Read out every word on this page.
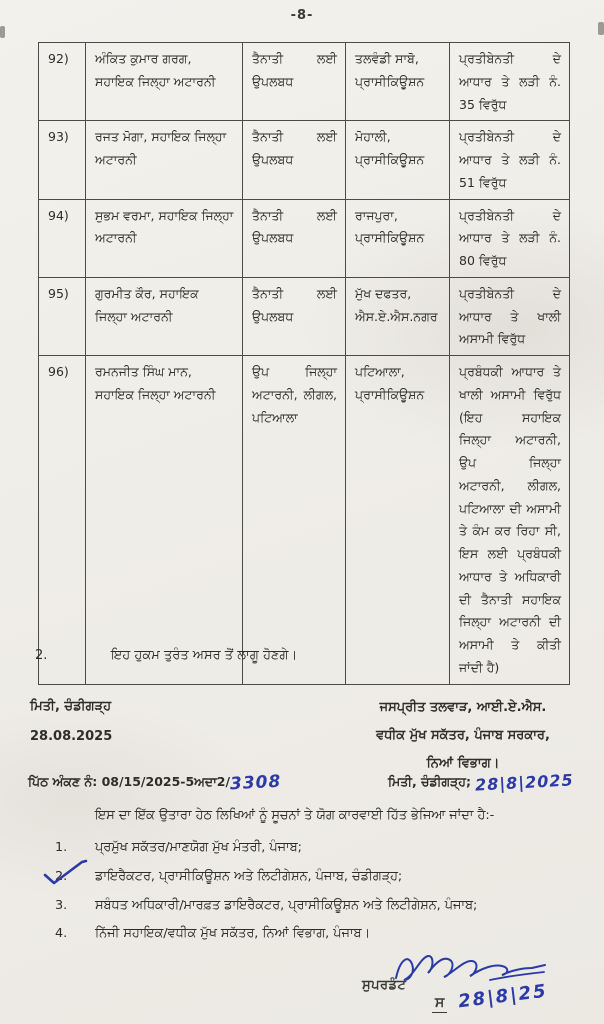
-8-
92)	ਅੰਕਿਤ ਕੁਮਾਰ ਗਰਗ, ਸਹਾਇਕ ਜਿਲ੍ਹਾ ਅਟਾਰਨੀ	ਤੈਨਾਤੀ ਲਈ ਉਪਲਬਧ	ਤਲਵੰਡੀ ਸਾਬੋ, ਪ੍ਰਾਸੀਕਿਊਸ਼ਨ	ਪ੍ਰਤੀਬੇਨਤੀ ਦੇ ਆਧਾਰ ਤੇ ਲੜੀ ਨੰ. 35 ਵਿਰੁੱਧ
93)	ਰਜਤ ਮੋਗਾ, ਸਹਾਇਕ ਜਿਲ੍ਹਾ ਅਟਾਰਨੀ	ਤੈਨਾਤੀ ਲਈ ਉਪਲਬਧ	ਮੋਹਾਲੀ, ਪ੍ਰਾਸੀਕਿਊਸ਼ਨ	ਪ੍ਰਤੀਬੇਨਤੀ ਦੇ ਆਧਾਰ ਤੇ ਲੜੀ ਨੰ. 51 ਵਿਰੁੱਧ
94)	ਸੁਭਮ ਵਰਮਾ, ਸਹਾਇਕ ਜਿਲ੍ਹਾ ਅਟਾਰਨੀ	ਤੈਨਾਤੀ ਲਈ ਉਪਲਬਧ	ਰਾਜਪੁਰਾ, ਪ੍ਰਾਸੀਕਿਊਸ਼ਨ	ਪ੍ਰਤੀਬੇਨਤੀ ਦੇ ਆਧਾਰ ਤੇ ਲੜੀ ਨੰ. 80 ਵਿਰੁੱਧ
95)	ਗੁਰਮੀਤ ਕੌਰ, ਸਹਾਇਕ ਜਿਲ੍ਹਾ ਅਟਾਰਨੀ	ਤੈਨਾਤੀ ਲਈ ਉਪਲਬਧ	ਮੁੱਖ ਦਫਤਰ, ਐਸ.ਏ.ਐਸ.ਨਗਰ	ਪ੍ਰਤੀਬੇਨਤੀ ਦੇ ਆਧਾਰ ਤੇ ਖਾਲੀ ਅਸਾਮੀ ਵਿਰੁੱਧ
96)	ਰਮਨਜੀਤ ਸਿੰਘ ਮਾਨ, ਸਹਾਇਕ ਜਿਲ੍ਹਾ ਅਟਾਰਨੀ	ਉਪ ਜਿਲ੍ਹਾ ਅਟਾਰਨੀ, ਲੀਗਲ, ਪਟਿਆਲਾ	ਪਟਿਆਲਾ, ਪ੍ਰਾਸੀਕਿਊਸ਼ਨ	ਪ੍ਰਬੰਧਕੀ ਆਧਾਰ ਤੇ ਖਾਲੀ ਅਸਾਮੀ ਵਿਰੁੱਧ (ਇਹ ਸਹਾਇਕ ਜਿਲ੍ਹਾ ਅਟਾਰਨੀ, ਉਪ ਜਿਲ੍ਹਾ ਅਟਾਰਨੀ, ਲੀਗਲ, ਪਟਿਆਲਾ ਦੀ ਅਸਾਮੀ ਤੇ ਕੰਮ ਕਰ ਰਿਹਾ ਸੀ, ਇਸ ਲਈ ਪ੍ਰਬੰਧਕੀ ਆਧਾਰ ਤੇ ਅਧਿਕਾਰੀ ਦੀ ਤੈਨਾਤੀ ਸਹਾਇਕ ਜਿਲ੍ਹਾ ਅਟਾਰਨੀ ਦੀ ਅਸਾਮੀ ਤੇ ਕੀਤੀ ਜਾਂਦੀ ਹੈ)
2.	ਇਹ ਹੁਕਮ ਤੁਰੰਤ ਅਸਰ ਤੋਂ ਲਾਗੂ ਹੋਣਗੇ।
ਮਿਤੀ, ਚੰਡੀਗੜ੍ਹ
28.08.2025
ਜਸਪ੍ਰੀਤ ਤਲਵਾੜ, ਆਈ.ਏ.ਐਸ.
ਵਧੀਕ ਮੁੱਖ ਸਕੱਤਰ, ਪੰਜਾਬ ਸਰਕਾਰ,
ਨਿਆਂ ਵਿਭਾਗ।
ਪਿੱਠ ਅੰਕਣ ਨੰ: 08/15/2025-5ਅਦਾ2/3308	ਮਿਤੀ, ਚੰਡੀਗੜ੍ਹ; 28|8|2025
ਇਸ ਦਾ ਇੱਕ ਉਤਾਰਾ ਹੇਠ ਲਿਖਿਆਂ ਨੂੰ ਸੂਚਨਾਂ ਤੇ ਯੋਗ ਕਾਰਵਾਈ ਹਿੱਤ ਭੇਜਿਆ ਜਾਂਦਾ ਹੈ:-
1.	ਪ੍ਰਮੁੱਖ ਸਕੱਤਰ/ਮਾਣਯੋਗ ਮੁੱਖ ਮੰਤਰੀ, ਪੰਜਾਬ;
2.	ਡਾਇਰੈਕਟਰ, ਪ੍ਰਾਸੀਕਿਊਸ਼ਨ ਅਤੇ ਲਿਟੀਗੇਸ਼ਨ, ਪੰਜਾਬ, ਚੰਡੀਗੜ੍ਹ;
3.	ਸਬੰਧਤ ਅਧਿਕਾਰੀ/ਮਾਰਫ਼ਤ ਡਾਇਰੈਕਟਰ, ਪ੍ਰਾਸੀਕਿਊਸ਼ਨ ਅਤੇ ਲਿਟੀਗੇਸ਼ਨ, ਪੰਜਾਬ;
4.	ਨਿੱਜੀ ਸਹਾਇਕ/ਵਧੀਕ ਮੁੱਖ ਸਕੱਤਰ, ਨਿਆਂ ਵਿਭਾਗ, ਪੰਜਾਬ।
ਸੁਪਰਡੰਟ
ਸ 28|8|25
